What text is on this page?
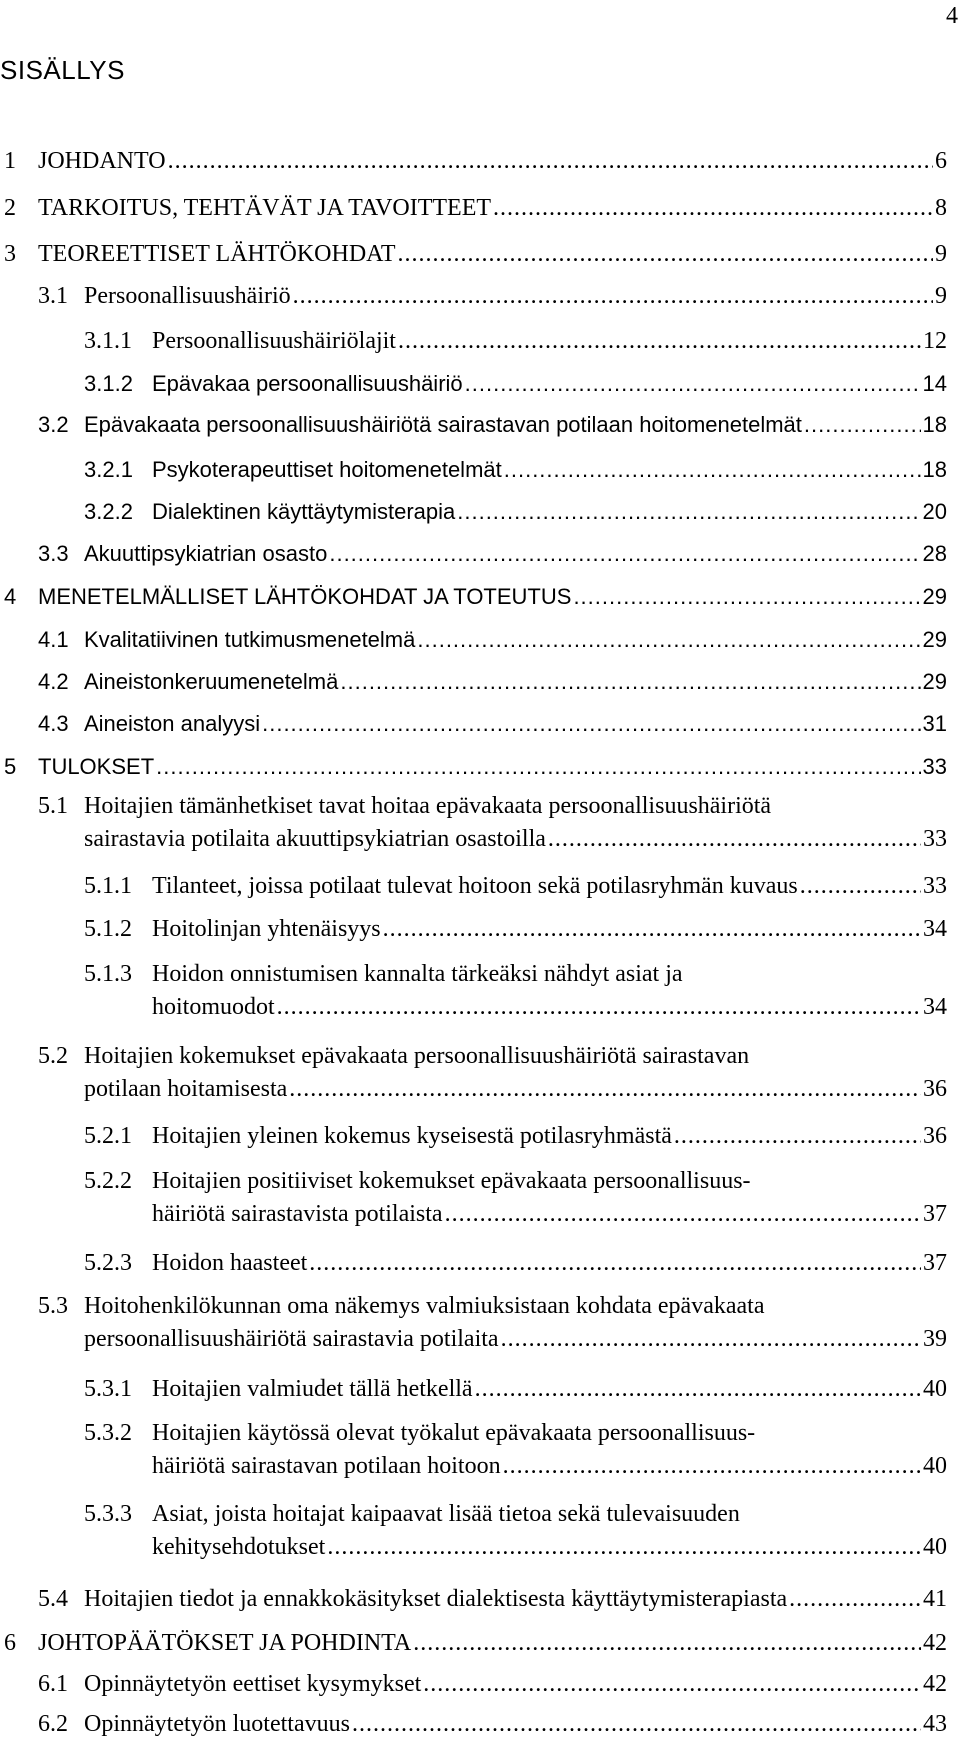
4
SISÄLLYS
1 JOHDANTO .....	6
2 TARKOITUS, TEHTÄVÄT JA TAVOITTEET .....	8
3 TEOREETTISET LÄHTÖKOHDAT .....	9
3.1 Persoonallisuushäiriö .....	9
3.1.1 Persoonallisuushäiriölajit .....	12
3.1.2 Epävakaa persoonallisuushäiriö .....	14
3.2 Epävakaata persoonallisuushäiriötä sairastavan potilaan hoitomenetelmät .....	18
3.2.1 Psykoterapeuttiset hoitomenetelmät .....	18
3.2.2 Dialektinen käyttäytymisterapia .....	20
3.3 Akuuttipsykiatrian osasto .....	28
4 MENETELMÄLLISET LÄHTÖKOHDAT JA TOTEUTUS .....	29
4.1 Kvalitatiivinen tutkimusmenetelmä .....	29
4.2 Aineistonkeruumenetelmä .....	29
4.3 Aineiston analyysi .....	31
5 TULOKSET .....	33
5.1 Hoitajien tämänhetkiset tavat hoitaa epävakaata persoonallisuushäiriötä
sairastavia potilaita akuuttipsykiatrian osastoilla .....	33
5.1.1 Tilanteet, joissa potilaat tulevat hoitoon sekä potilasryhmän kuvaus .....	33
5.1.2 Hoitolinjan yhtenäisyys .....	34
5.1.3 Hoidon onnistumisen kannalta tärkeäksi nähdyt asiat ja
hoitomuodot .....	34
5.2 Hoitajien kokemukset epävakaata persoonallisuushäiriötä sairastavan
potilaan hoitamisesta .....	36
5.2.1 Hoitajien yleinen kokemus kyseisestä potilasryhmästä .....	36
5.2.2 Hoitajien positiiviset kokemukset epävakaata persoonallisuus-
häiriötä sairastavista potilaista .....	37
5.2.3 Hoidon haasteet .....	37
5.3 Hoitohenkilökunnan oma näkemys valmiuksistaan kohdata epävakaata
persoonallisuushäiriötä sairastavia potilaita .....	39
5.3.1 Hoitajien valmiudet tällä hetkellä .....	40
5.3.2 Hoitajien käytössä olevat työkalut epävakaata persoonallisuus-
häiriötä sairastavan potilaan hoitoon .....	40
5.3.3 Asiat, joista hoitajat kaipaavat lisää tietoa sekä tulevaisuuden
kehitysehdotukset .....	40
5.4 Hoitajien tiedot ja ennakkokäsitykset dialektisesta käyttäytymisterapiasta .....	41
6 JOHTOPÄÄTÖKSET JA POHDINTA .....	42
6.1 Opinnäytetyön eettiset kysymykset .....	42
6.2 Opinnäytetyön luotettavuus .....	43
